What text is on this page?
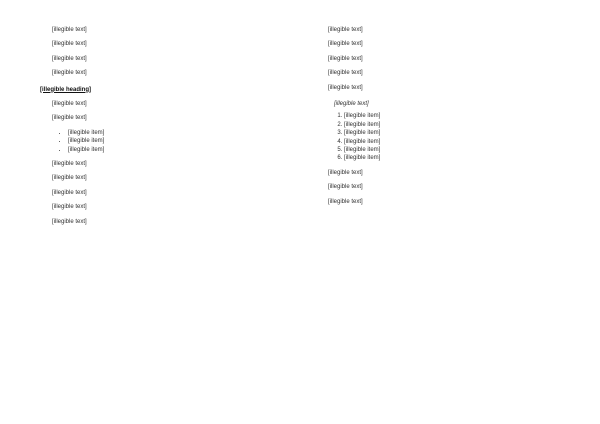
[illegible text]

[illegible text]

[illegible text]

[illegible text]

[illegible heading]

[illegible text]

[illegible text]

• [illegible item]
• [illegible item]
• [illegible item]

[illegible text]

[illegible text]

[illegible text]

[illegible text]

[illegible text]

[illegible text]

[illegible text]

[illegible text]

[illegible text]

[illegible text]

[illegible text]
1. [illegible item]
2. [illegible item]
3. [illegible item]
4. [illegible item]
5. [illegible item]
6. [illegible item]

[illegible text]

[illegible text]

[illegible text]
